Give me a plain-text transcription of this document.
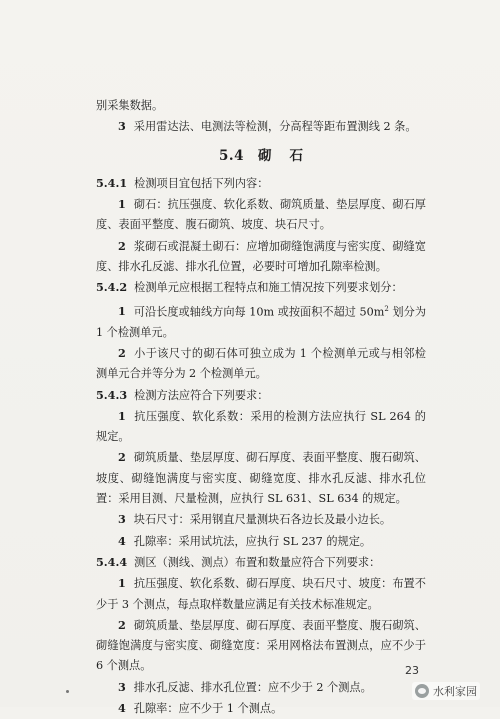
别采集数据。

3 采用雷达法、电测法等检测，分高程等距布置测线 2 条。

5.4 砌石

5.4.1 检测项目宜包括下列内容：

1 砌石：抗压强度、软化系数、砌筑质量、垫层厚度、砌石厚度、表面平整度、腹石砌筑、坡度、块石尺寸。

2 浆砌石或混凝土砌石：应增加砌缝饱满度与密实度、砌缝宽度、排水孔反滤、排水孔位置，必要时可增加孔隙率检测。

5.4.2 检测单元应根据工程特点和施工情况按下列要求划分：

1 可沿长度或轴线方向每 10m 或按面积不超过 $50m^2$ 划分为 1 个检测单元。

2 小于该尺寸的砌石体可独立成为 1 个检测单元或与相邻检测单元合并等分为 2 个检测单元。

5.4.3 检测方法应符合下列要求：

1 抗压强度、软化系数：采用的检测方法应执行 SL 264 的规定。

2 砌筑质量、垫层厚度、砌石厚度、表面平整度、腹石砌筑、坡度、砌缝饱满度与密实度、砌缝宽度、排水孔反滤、排水孔位置：采用目测、尺量检测，应执行 SL 631、SL 634 的规定。

3 块石尺寸：采用钢直尺量测块石各边长及最小边长。

4 孔隙率：采用试坑法，应执行 SL 237 的规定。

5.4.4 测区（测线、测点）布置和数量应符合下列要求：

1 抗压强度、软化系数、砌石厚度、块石尺寸、坡度：布置不少于 3 个测点，每点取样数量应满足有关技术标准规定。

2 砌筑质量、垫层厚度、砌石厚度、表面平整度、腹石砌筑、砌缝饱满度与密实度、砌缝宽度：采用网格法布置测点，应不少于 6 个测点。

3 排水孔反滤、排水孔位置：应不少于 2 个测点。

4 孔隙率：应不少于 1 个测点。

23
水利家园
